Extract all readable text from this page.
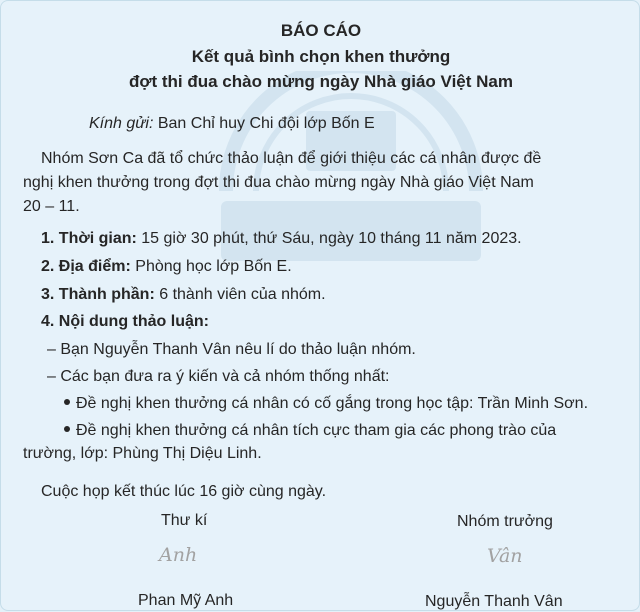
BÁO CÁO
Kết quả bình chọn khen thưởng
đợt thi đua chào mừng ngày Nhà giáo Việt Nam
Kính gửi: Ban Chỉ huy Chi đội lớp Bốn E
Nhóm Sơn Ca đã tổ chức thảo luận để giới thiệu các cá nhân được đề
nghị khen thưởng trong đợt thi đua chào mừng ngày Nhà giáo Việt Nam
20 – 11.
1. Thời gian: 15 giờ 30 phút, thứ Sáu, ngày 10 tháng 11 năm 2023.
2. Địa điểm: Phòng học lớp Bốn E.
3. Thành phần: 6 thành viên của nhóm.
4. Nội dung thảo luận:
– Bạn Nguyễn Thanh Vân nêu lí do thảo luận nhóm.
– Các bạn đưa ra ý kiến và cả nhóm thống nhất:
Đề nghị khen thưởng cá nhân có cố gắng trong học tập: Trần Minh Sơn.
Đề nghị khen thưởng cá nhân tích cực tham gia các phong trào của
trường, lớp: Phùng Thị Diệu Linh.
Cuộc họp kết thúc lúc 16 giờ cùng ngày.
Thư kí	Nhóm trưởng
Anh	Vân
Phan Mỹ Anh	Nguyễn Thanh Vân
